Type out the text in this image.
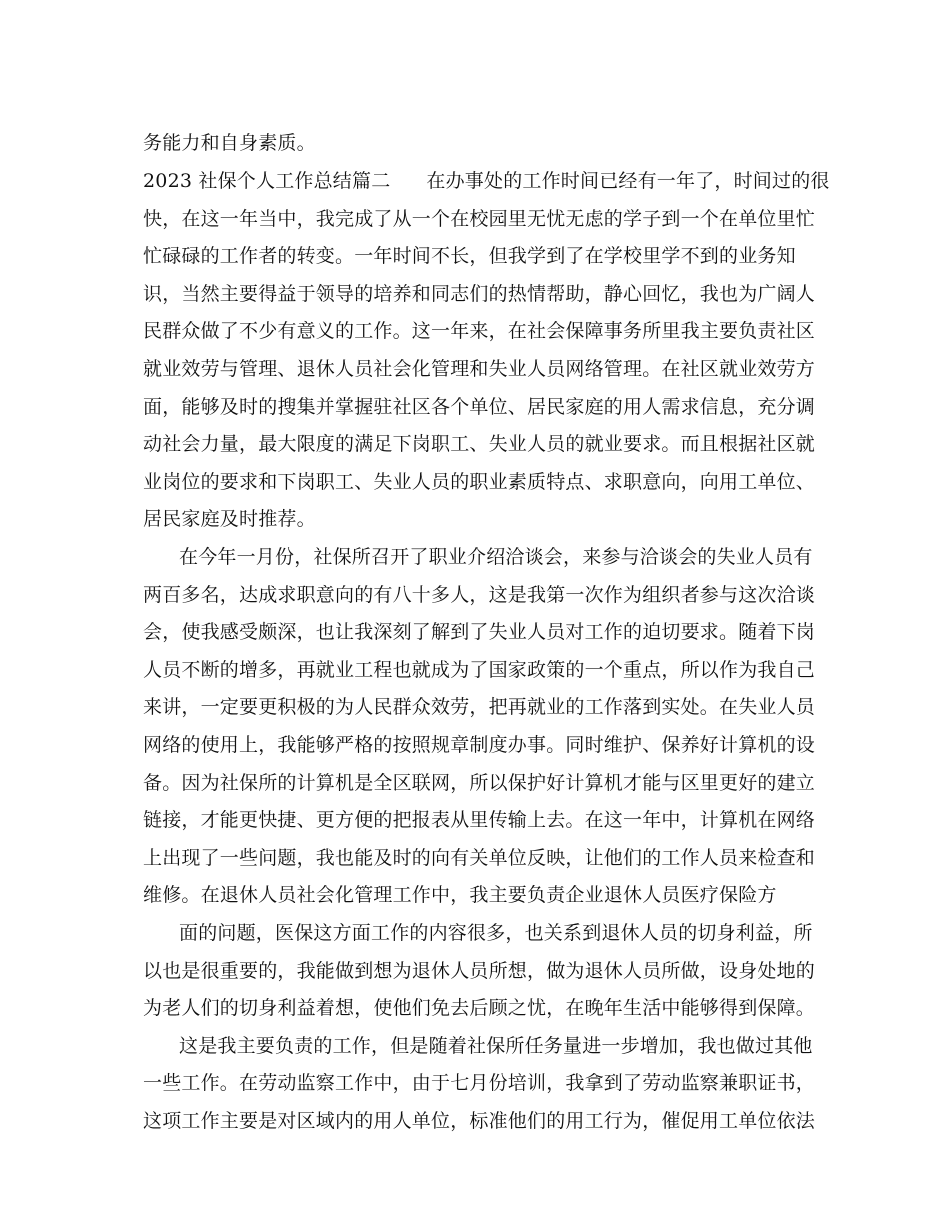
务能力和自身素质。
2023 社保个人工作总结篇二 在办事处的工作时间已经有一年了，时间过的很
快，在这一年当中，我完成了从一个在校园里无忧无虑的学子到一个在单位里忙
忙碌碌的工作者的转变。一年时间不长，但我学到了在学校里学不到的业务知
识，当然主要得益于领导的培养和同志们的热情帮助，静心回忆，我也为广阔人
民群众做了不少有意义的工作。这一年来，在社会保障事务所里我主要负责社区
就业效劳与管理、退休人员社会化管理和失业人员网络管理。在社区就业效劳方
面，能够及时的搜集并掌握驻社区各个单位、居民家庭的用人需求信息，充分调
动社会力量，最大限度的满足下岗职工、失业人员的就业要求。而且根据社区就
业岗位的要求和下岗职工、失业人员的职业素质特点、求职意向，向用工单位、
居民家庭及时推荐。
在今年一月份，社保所召开了职业介绍洽谈会，来参与洽谈会的失业人员有
两百多名，达成求职意向的有八十多人，这是我第一次作为组织者参与这次洽谈
会，使我感受颇深，也让我深刻了解到了失业人员对工作的迫切要求。随着下岗
人员不断的增多，再就业工程也就成为了国家政策的一个重点，所以作为我自己
来讲，一定要更积极的为人民群众效劳，把再就业的工作落到实处。在失业人员
网络的使用上，我能够严格的按照规章制度办事。同时维护、保养好计算机的设
备。因为社保所的计算机是全区联网，所以保护好计算机才能与区里更好的建立
链接，才能更快捷、更方便的把报表从里传输上去。在这一年中，计算机在网络
上出现了一些问题，我也能及时的向有关单位反映，让他们的工作人员来检查和
维修。在退休人员社会化管理工作中，我主要负责企业退休人员医疗保险方
面的问题，医保这方面工作的内容很多，也关系到退休人员的切身利益，所
以也是很重要的，我能做到想为退休人员所想，做为退休人员所做，设身处地的
为老人们的切身利益着想，使他们免去后顾之忧，在晚年生活中能够得到保障。
这是我主要负责的工作，但是随着社保所任务量进一步增加，我也做过其他
一些工作。在劳动监察工作中，由于七月份培训，我拿到了劳动监察兼职证书，
这项工作主要是对区域内的用人单位，标准他们的用工行为，催促用工单位依法
